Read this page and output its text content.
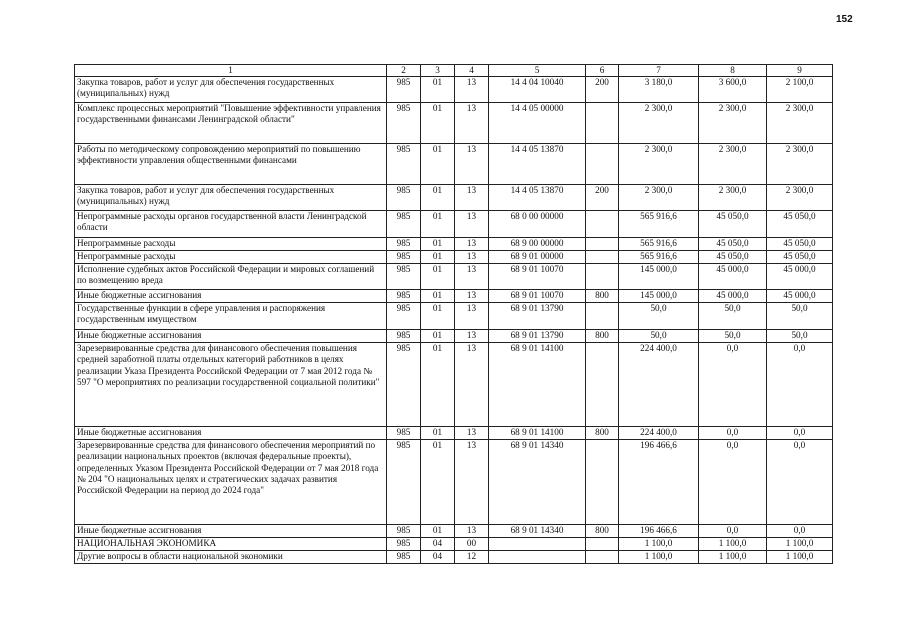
152
1	2	3	4	5	6	7	8	9
Закупка товаров, работ и услуг для обеспечения государственных (муниципальных) нужд	985	01	13	14 4 04 10040	200	3 180,0	3 600,0	2 100,0
Комплекс процессных мероприятий "Повышение эффективности управления государственными финансами Ленинградской области"	985	01	13	14 4 05 00000		2 300,0	2 300,0	2 300,0
Работы по методическому сопровождению мероприятий по повышению эффективности управления общественными финансами	985	01	13	14 4 05 13870		2 300,0	2 300,0	2 300,0
Закупка товаров, работ и услуг для обеспечения государственных (муниципальных) нужд	985	01	13	14 4 05 13870	200	2 300,0	2 300,0	2 300,0
Непрограммные расходы органов государственной власти Ленинградской области	985	01	13	68 0 00 00000		565 916,6	45 050,0	45 050,0
Непрограммные расходы	985	01	13	68 9 00 00000		565 916,6	45 050,0	45 050,0
Непрограммные расходы	985	01	13	68 9 01 00000		565 916,6	45 050,0	45 050,0
Исполнение судебных актов Российской Федерации и мировых соглашений по возмещению вреда	985	01	13	68 9 01 10070		145 000,0	45 000,0	45 000,0
Иные бюджетные ассигнования	985	01	13	68 9 01 10070	800	145 000,0	45 000,0	45 000,0
Государственные функции в сфере управления и распоряжения государственным имуществом	985	01	13	68 9 01 13790		50,0	50,0	50,0
Иные бюджетные ассигнования	985	01	13	68 9 01 13790	800	50,0	50,0	50,0
Зарезервированные средства для финансового обеспечения повышения средней заработной платы отдельных категорий работников в целях реализации Указа Президента Российской Федерации от 7 мая 2012 года № 597 "О мероприятиях по реализации государственной социальной политики"	985	01	13	68 9 01 14100		224 400,0	0,0	0,0
Иные бюджетные ассигнования	985	01	13	68 9 01 14100	800	224 400,0	0,0	0,0
Зарезервированные средства для финансового обеспечения мероприятий по реализации национальных проектов (включая федеральные проекты), определенных Указом Президента Российской Федерации от 7 мая 2018 года № 204 "О национальных целях и стратегических задачах развития Российской Федерации на период до 2024 года"	985	01	13	68 9 01 14340		196 466,6	0,0	0,0
Иные бюджетные ассигнования	985	01	13	68 9 01 14340	800	196 466,6	0,0	0,0
НАЦИОНАЛЬНАЯ ЭКОНОМИКА	985	04	00			1 100,0	1 100,0	1 100,0
Другие вопросы в области национальной экономики	985	04	12			1 100,0	1 100,0	1 100,0
